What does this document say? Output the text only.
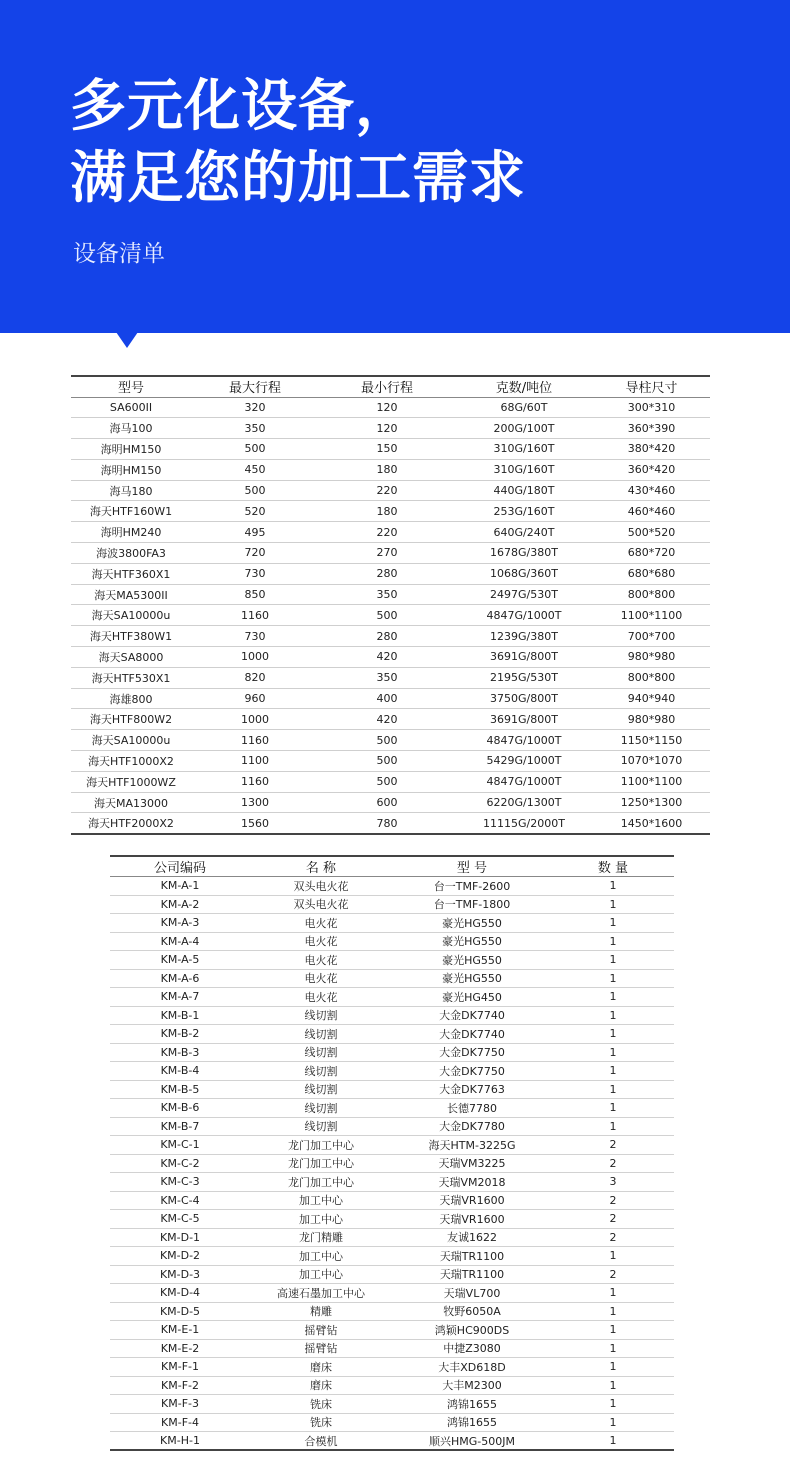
多元化设备，
满足您的加工需求

设备清单

型号	最大行程	最小行程	克数/吨位	导柱尺寸
SA600II	320	120	68G/60T	300*310
海马100	350	120	200G/100T	360*390
海明HM150	500	150	310G/160T	380*420
海明HM150	450	180	310G/160T	360*420
海马180	500	220	440G/180T	430*460
海天HTF160W1	520	180	253G/160T	460*460
海明HM240	495	220	640G/240T	500*520
海波3800FA3	720	270	1678G/380T	680*720
海天HTF360X1	730	280	1068G/360T	680*680
海天MA5300II	850	350	2497G/530T	800*800
海天SA10000u	1160	500	4847G/1000T	1100*1100
海天HTF380W1	730	280	1239G/380T	700*700
海天SA8000	1000	420	3691G/800T	980*980
海天HTF530X1	820	350	2195G/530T	800*800
海雄800	960	400	3750G/800T	940*940
海天HTF800W2	1000	420	3691G/800T	980*980
海天SA10000u	1160	500	4847G/1000T	1150*1150
海天HTF1000X2	1100	500	5429G/1000T	1070*1070
海天HTF1000WZ	1160	500	4847G/1000T	1100*1100
海天MA13000	1300	600	6220G/1300T	1250*1300
海天HTF2000X2	1560	780	11115G/2000T	1450*1600
公司编码	名 称	型 号	数 量
KM-A-1	双头电火花	台一TMF-2600	1
KM-A-2	双头电火花	台一TMF-1800	1
KM-A-3	电火花	豪光HG550	1
KM-A-4	电火花	豪光HG550	1
KM-A-5	电火花	豪光HG550	1
KM-A-6	电火花	豪光HG550	1
KM-A-7	电火花	豪光HG450	1
KM-B-1	线切割	大金DK7740	1
KM-B-2	线切割	大金DK7740	1
KM-B-3	线切割	大金DK7750	1
KM-B-4	线切割	大金DK7750	1
KM-B-5	线切割	大金DK7763	1
KM-B-6	线切割	长德7780	1
KM-B-7	线切割	大金DK7780	1
KM-C-1	龙门加工中心	海天HTM-3225G	2
KM-C-2	龙门加工中心	天瑞VM3225	2
KM-C-3	龙门加工中心	天瑞VM2018	3
KM-C-4	加工中心	天瑞VR1600	2
KM-C-5	加工中心	天瑞VR1600	2
KM-D-1	龙门精雕	友诚1622	2
KM-D-2	加工中心	天瑞TR1100	1
KM-D-3	加工中心	天瑞TR1100	2
KM-D-4	高速石墨加工中心	天瑞VL700	1
KM-D-5	精雕	牧野6050A	1
KM-E-1	摇臂钻	鸿颖HC900DS	1
KM-E-2	摇臂钻	中捷Z3080	1
KM-F-1	磨床	大丰XD618D	1
KM-F-2	磨床	大丰M2300	1
KM-F-3	铣床	鸿锦1655	1
KM-F-4	铣床	鸿锦1655	1
KM-H-1	合模机	顺兴HMG-500JM	1
